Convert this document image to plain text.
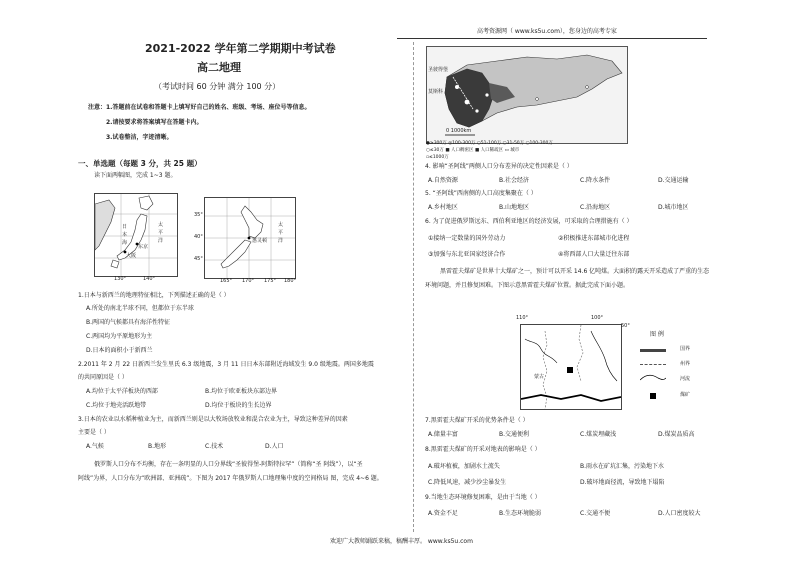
高考资源网（ www.ks5u.com），您身边的高考专家
2021-2022 学年第二学期期中考试卷
高二地理
（考试时间 60 分钟 满分 100 分）
注意：1.答题前在试卷和答题卡上填写好自己的姓名、班级、考场、座位号等信息。
2.请按要求将答案填写在答题卡内。
3.试卷整洁，字迹清晰。
一、单选题（每题 3 分，共 25 题）
读下面两幅图，完成 1~3 题。
日
本
海
太
平
洋
东京
大阪
130°	140°
太
平
洋
惠灵顿
165° 170° 175° 180°
35°
40°
45°
1.日本与新西兰的地理特征相比，下列描述正确的是（ ）
A.所处的南北半球不同，但都位于东半球
B.两国的气候都具有海洋性特征
C.两国均为平原地形为主
D.日本的面积小于新西兰
2.2011 年 2 月 22 日新西兰发生里氏 6.3 级地震，3 月 11 日日本东部附近海域发生 9.0 级地震。两国多地震
的共同原因是（ ）
A.均位于太平洋板块的西部	B.均位于欧亚板块东部边界
C.均位于地壳活跃地带	D.均位于板块的生长边界
3.日本的农业以水稻种植业为主，而新西兰则是以大牧场放牧业和混合农业为主，导致这种差异的因素
主要是（ ）
A.气候	B.地形	C.技术	D.人口
俄罗斯人口分布不均衡，存在一条明显的人口分界线“圣彼得堡-阿斯特拉罕”（简称“圣 阿线”），以“圣
阿线”为界，人口分布为“欧洲部、亚洲疏”。下图为 2017 年俄罗斯人口地理集中度的空间格局 图，完成 4~6 题。
圣彼得堡
莫斯科
0 1000km
●≥300万 ◎100-300万 ○51-100万 ○31-50万 ○100-300万
○≤30万 ■ 人口稠密区 ■ 人口稀疏区 ▭ 城市
▫≤1000万
4. 影响“圣阿线”两侧人口分布差异的决定性因素是（ ）
A.自然资源	B.社会经济	C.降水条件	D.交通运输
5. “圣阿线”西南侧的人口高度集聚在（ ）
A.乡村地区	B.山地地区	C.沿海地区	D.城市地区
6. 为了促进俄罗斯远东、西伯利亚地区的经济发展，可采取的合理措施有（ ）
①接纳一定数量的国外劳动力	②积极推进东部城市化进程
③加强与东北亚国家经济合作	④将西部人口大量迁往东部
黑雷霍夫煤矿是世界十大煤矿之一，预计可以开采 14.6 亿吨煤。大面积的露天开采造成了严重的生态
环境问题，并且修复困难。下图示意黑雷霍夫煤矿位置。据此完成下面小题。
110°	100°
50°
蒙古
图 例
国界
州界
河流
煤矿
7.黑雷霍夫煤矿开采的优势条件是（ ）
A.储量丰富	B.交通便利	C.煤炭埋藏浅	D.煤炭品质高
8.黑雷霍夫煤矿的开采对地表的影响是（ ）
A.破坏植被，加剧水土流失	B.雨水在矿坑汇集，污染地下水
C.降低风速，减少沙尘暴发生	D.破坏地面径流，导致地下塌陷
9.当地生态环境修复困难，是由于当地（ ）
A.资金不足	B.生态环境脆弱	C.交通不便	D.人口密度较大
欢迎广大教师踊跃来稿，稿酬丰厚。 www.ks5u.com
